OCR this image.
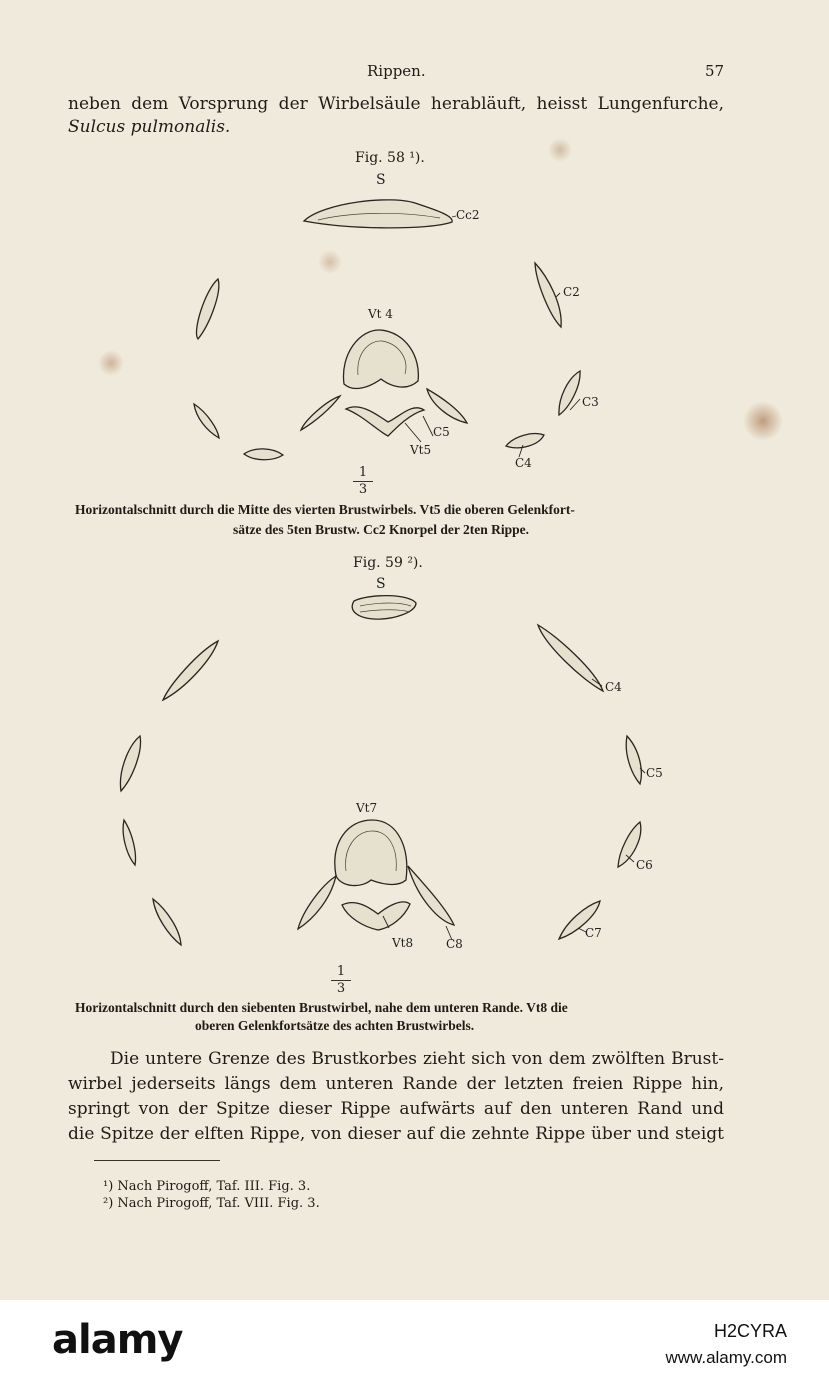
Rippen.	57
neben dem Vorsprung der Wirbelsäule herabläuft, heisst Lungenfurche,
Sulcus pulmonalis.
Fig. 58 ¹).
S
Cc2
C2
Vt 4
C3
C5
Vt5
C4
1
3
Horizontalschnitt durch die Mitte des vierten Brustwirbels. Vt5 die oberen Gelenkfort-
sätze des 5ten Brustw. Cc2 Knorpel der 2ten Rippe.
Fig. 59 ²).
S
C4
C5
Vt7
C6
C7
Vt8	C8
1
3
Horizontalschnitt durch den siebenten Brustwirbel, nahe dem unteren Rande. Vt8 die
oberen Gelenkfortsätze des achten Brustwirbels.
Die untere Grenze des Brustkorbes zieht sich von dem zwölften Brust-
wirbel jederseits längs dem unteren Rande der letzten freien Rippe hin,
springt von der Spitze dieser Rippe aufwärts auf den unteren Rand und
die Spitze der elften Rippe, von dieser auf die zehnte Rippe über und steigt
¹) Nach Pirogoff, Taf. III. Fig. 3.
²) Nach Pirogoff, Taf. VIII. Fig. 3.
alamy	H2CYRA
www.alamy.com
